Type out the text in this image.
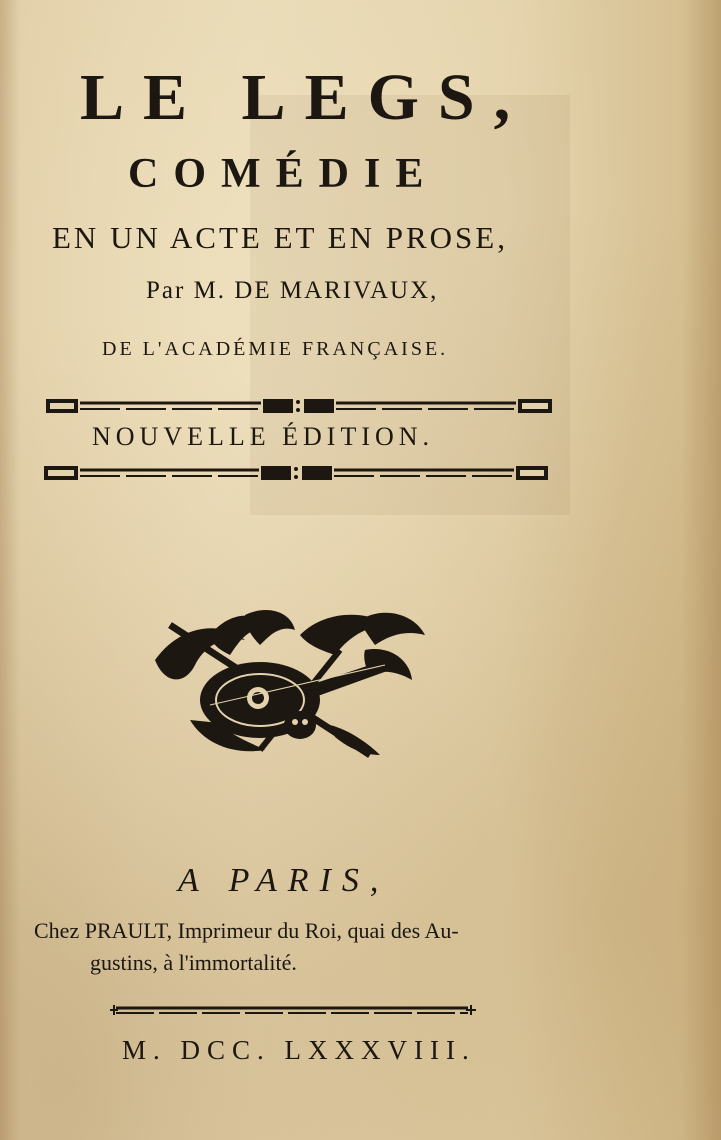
LE LEGS,
COMÉDIE
EN UN ACTE ET EN PROSE,
Par M. DE MARIVAUX,
DE L'ACADÉMIE FRANÇAISE.
NOUVELLE ÉDITION.
A PARIS,
Chez PRAULT, Imprimeur du Roi, quai des Au-
gustins, à l'immortalité.
M. DCC. LXXXVIII.
